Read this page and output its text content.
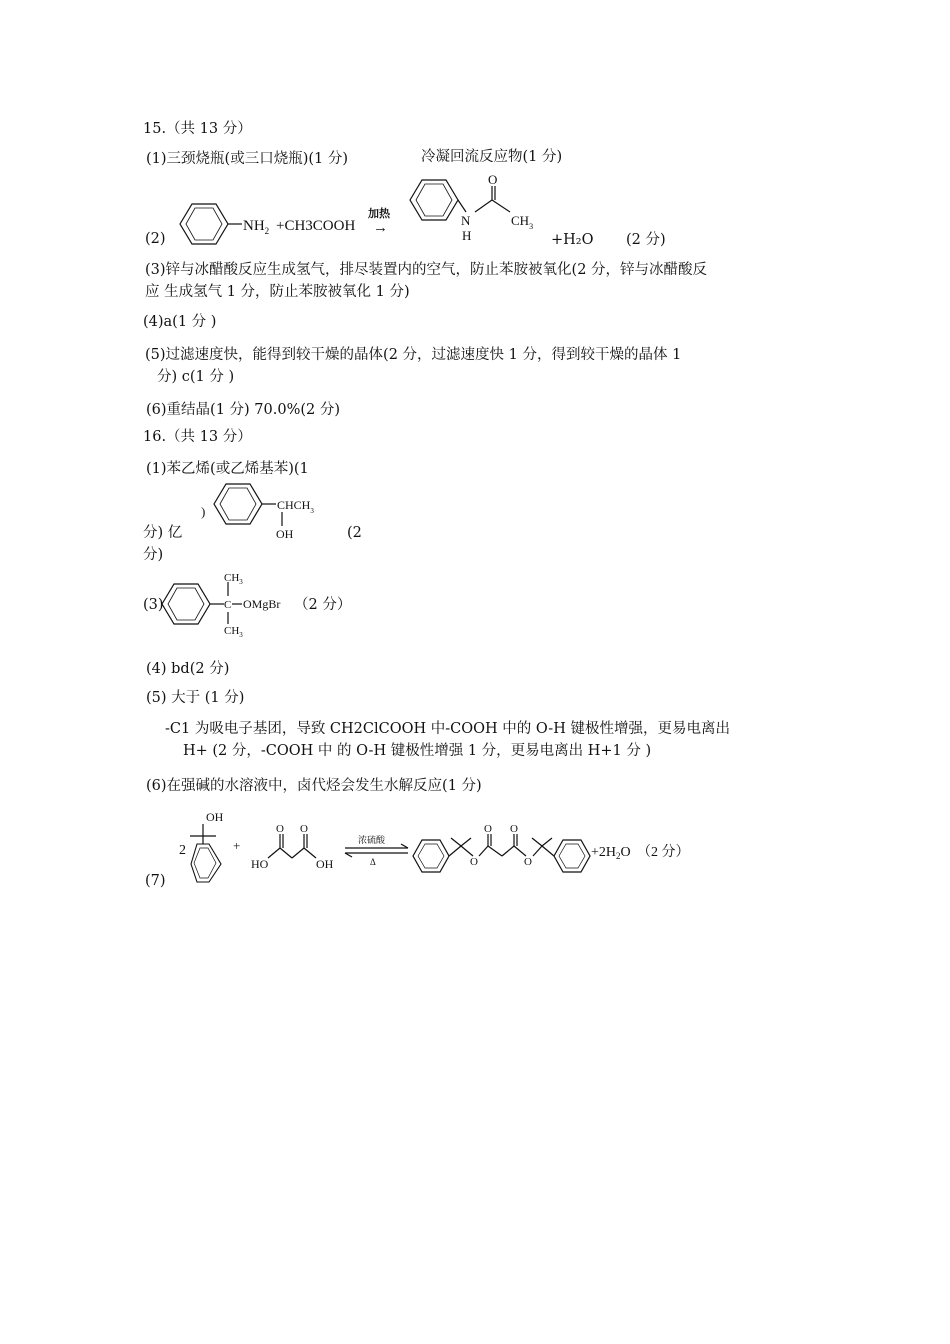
15.（共 13 分）
(1)三颈烧瓶(或三口烧瓶)(1 分)	冷凝回流反应物(1 分)
(2)
$NH_2$ +CH3COOH
加热
→	N
H
O
$CH_3$
+H₂O (2 分)
(3)锌与冰醋酸反应生成氢气，排尽装置内的空气，防止苯胺被氧化(2 分，锌与冰醋酸反
应 生成氢气 1 分，防止苯胺被氧化 1 分)
(4)a(1 分 )
(5)过滤速度快，能得到较干燥的晶体(2 分，过滤速度快 1 分，得到较干燥的晶体 1
分) c(1 分 )
(6)重结晶(1 分) 70.0%(2 分)
16.（共 13 分）
(1)苯乙烯(或乙烯基苯)(1
)	$CHCH_3$
OH
分) 亿	(2
分)
(3)
$CH_3$
C OMgBr
$CH_3$
（2 分）
(4) bd(2 分)
(5) 大于 (1 分)
-C1 为吸电子基团，导致 CH2ClCOOH 中-COOH 中的 O-H 键极性增强，更易电离出
H+ (2 分，-COOH 中 的 O-H 键极性增强 1 分，更易电离出 H+1 分 )
(6)在强碱的水溶液中，卤代烃会发生水解反应(1 分)
(7)
2
OH
+
HO
O O
OH
浓硫酸
Δ	O
O O
O
$+2H_2O$ （2 分）
